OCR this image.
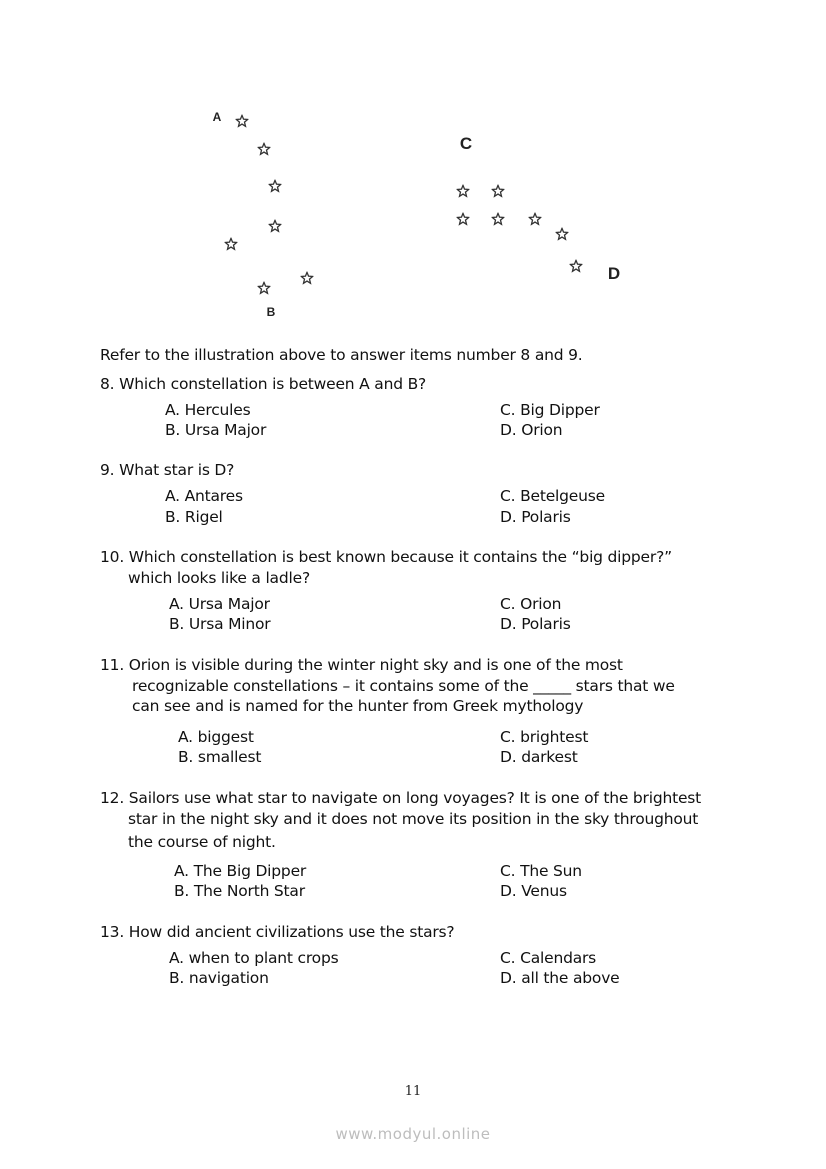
A
B
C
D
Refer to the illustration above to answer items number 8 and 9.
8. Which constellation is between A and B?
A. Hercules
B. Ursa Major
C. Big Dipper
D. Orion
9. What star is D?
A. Antares
B. Rigel
C. Betelgeuse
D. Polaris
10. Which constellation is best known because it contains the “big dipper?”
which looks like a ladle?
A. Ursa Major
B. Ursa Minor
C. Orion
D. Polaris
11. Orion is visible during the winter night sky and is one of the most
recognizable constellations – it contains some of the _____ stars that we
can see and is named for the hunter from Greek mythology
A. biggest
B. smallest
C. brightest
D. darkest
12. Sailors use what star to navigate on long voyages? It is one of the brightest
star in the night sky and it does not move its position in the sky throughout
the course of night.
A. The Big Dipper
B. The North Star
C. The Sun
D. Venus
13. How did ancient civilizations use the stars?
A. when to plant crops
B. navigation
C. Calendars
D. all the above
11
www.modyul.online
